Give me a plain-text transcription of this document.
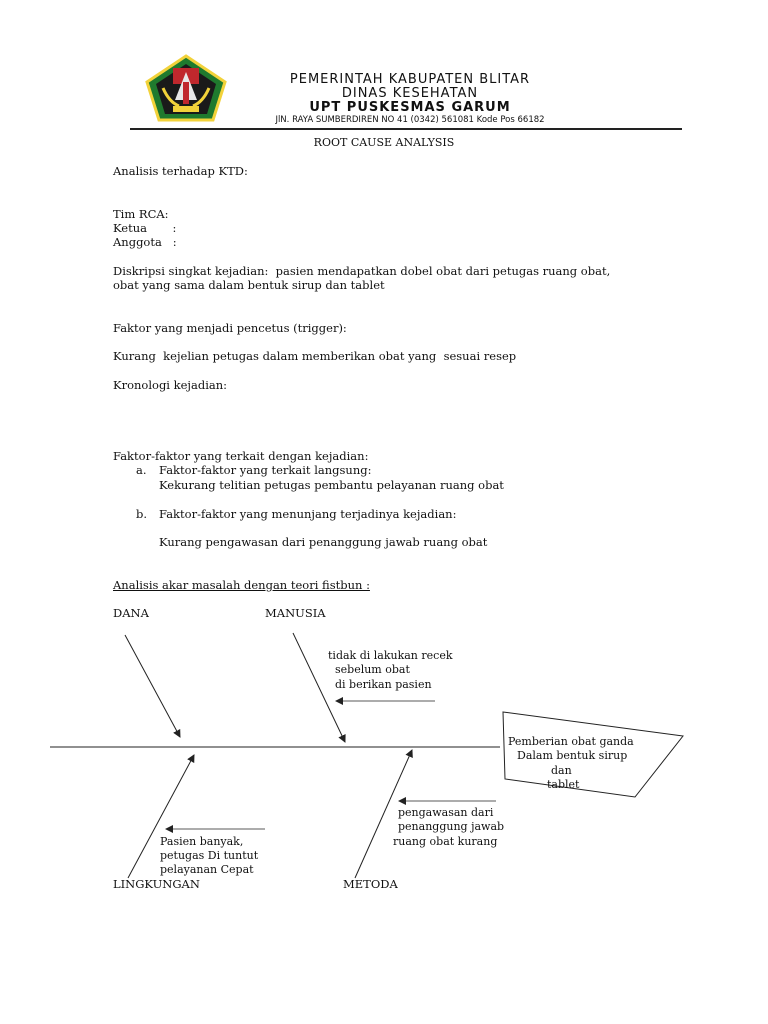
PEMERINTAH KABUPATEN BLITAR
DINAS KESEHATAN
UPT PUSKESMAS GARUM
JlN. RAYA SUMBERDIREN NO 41 (0342) 561081 Kode Pos 66182
ROOT CAUSE ANALYSIS
Analisis terhadap KTD:
Tim RCA:
Ketua       :
Anggota   :
Diskripsi singkat kejadian:  pasien mendapatkan dobel obat dari petugas ruang obat,
obat yang sama dalam bentuk sirup dan tablet
Faktor yang menjadi pencetus (trigger):
Kurang  kejelian petugas dalam memberikan obat yang  sesuai resep
Kronologi kejadian:
Faktor-faktor yang terkait dengan kejadian:
a. Faktor-faktor yang terkait langsung:
Kekurang telitian petugas pembantu pelayanan ruang obat
b. Faktor-faktor yang menunjang terjadinya kejadian:
Kurang pengawasan dari penanggung jawab ruang obat
Analisis akar masalah dengan teori fistbun :
DANA	MANUSIA
LINGKUNGAN	METODA
tidak di lakukan recek
sebelum obat
di berikan pasien
Pasien banyak,
petugas Di tuntut
pelayanan Cepat
pengawasan dari
penanggung jawab
ruang obat kurang
Pemberian obat ganda
Dalam bentuk sirup
dan
tablet
